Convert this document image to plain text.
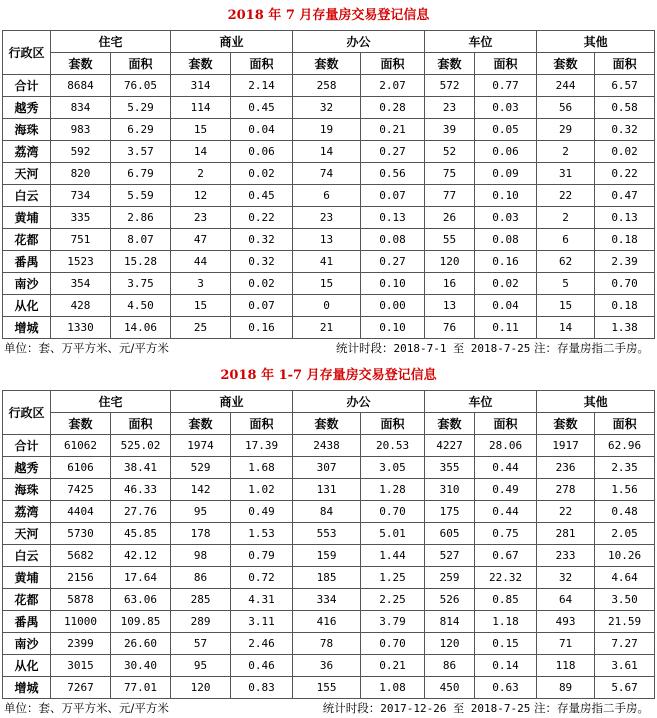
2018 年 7 月存量房交易登记信息
行政区	住宅		商业		办公		车位		其他	
	套数	面积	套数	面积	套数	面积	套数	面积	套数	面积
合计	8684	76.05	314	2.14	258	2.07	572	0.77	244	6.57
越秀	834	5.29	114	0.45	32	0.28	23	0.03	56	0.58
海珠	983	6.29	15	0.04	19	0.21	39	0.05	29	0.32
荔湾	592	3.57	14	0.06	14	0.27	52	0.06	2	0.02
天河	820	6.79	2	0.02	74	0.56	75	0.09	31	0.22
白云	734	5.59	12	0.45	6	0.07	77	0.10	22	0.47
黄埔	335	2.86	23	0.22	23	0.13	26	0.03	2	0.13
花都	751	8.07	47	0.32	13	0.08	55	0.08	6	0.18
番禺	1523	15.28	44	0.32	41	0.27	120	0.16	62	2.39
南沙	354	3.75	3	0.02	15	0.10	16	0.02	5	0.70
从化	428	4.50	15	0.07	0	0.00	13	0.04	15	0.18
增城	1330	14.06	25	0.16	21	0.10	76	0.11	14	1.38
单位：套、万平方米、元/平方米	统计时段：2018-7-1 至 2018-7-25 注：存量房指二手房。
2018 年 1-7 月存量房交易登记信息
行政区	住宅		商业		办公		车位		其他	
	套数	面积	套数	面积	套数	面积	套数	面积	套数	面积
合计	61062	525.02	1974	17.39	2438	20.53	4227	28.06	1917	62.96
越秀	6106	38.41	529	1.68	307	3.05	355	0.44	236	2.35
海珠	7425	46.33	142	1.02	131	1.28	310	0.49	278	1.56
荔湾	4404	27.76	95	0.49	84	0.70	175	0.44	22	0.48
天河	5730	45.85	178	1.53	553	5.01	605	0.75	281	2.05
白云	5682	42.12	98	0.79	159	1.44	527	0.67	233	10.26
黄埔	2156	17.64	86	0.72	185	1.25	259	22.32	32	4.64
花都	5878	63.06	285	4.31	334	2.25	526	0.85	64	3.50
番禺	11000	109.85	289	3.11	416	3.79	814	1.18	493	21.59
南沙	2399	26.60	57	2.46	78	0.70	120	0.15	71	7.27
从化	3015	30.40	95	0.46	36	0.21	86	0.14	118	3.61
增城	7267	77.01	120	0.83	155	1.08	450	0.63	89	5.67
单位：套、万平方米、元/平方米	统计时段：2017-12-26 至 2018-7-25 注：存量房指二手房。
